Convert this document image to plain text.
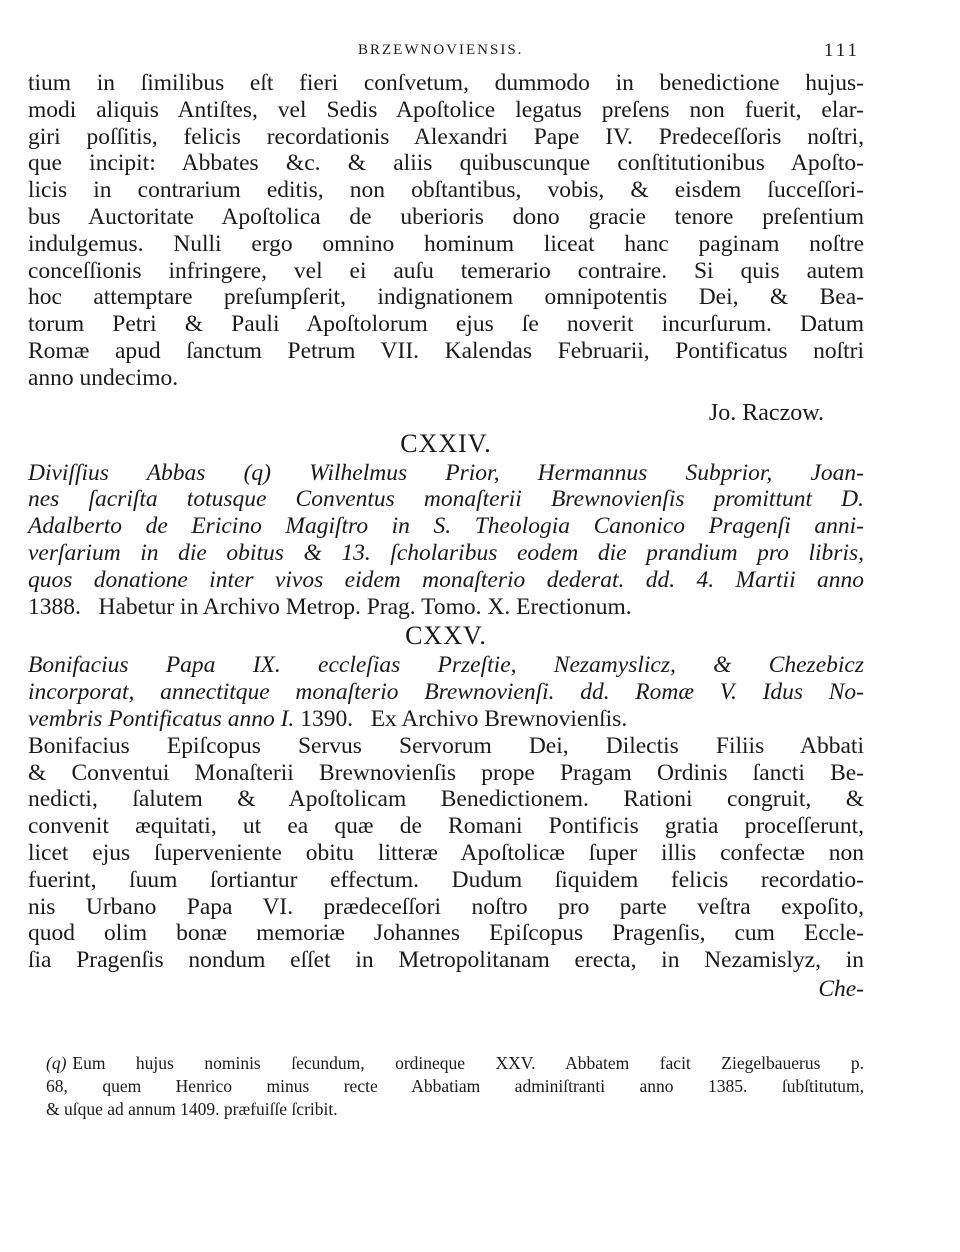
BRZEWNOVIENSIS.	111
tium in ſimilibus eſt fieri conſvetum, dummodo in benedictione hujus-
modi aliquis Antiſtes, vel Sedis Apoſtolice legatus preſens non fuerit, elar-
giri poſſitis, felicis recordationis Alexandri Pape IV. Predeceſſoris noſtri,
que incipit: Abbates &c. & aliis quibuscunque conſtitutionibus Apoſto-
licis in contrarium editis, non obſtantibus, vobis, & eisdem ſucceſſori-
bus Auctoritate Apoſtolica de uberioris dono gracie tenore preſentium
indulgemus. Nulli ergo omnino hominum liceat hanc paginam noſtre
conceſſionis infringere, vel ei auſu temerario contraire. Si quis autem
hoc attemptare preſumpſerit, indignationem omnipotentis Dei, & Bea-
torum Petri & Pauli Apoſtolorum ejus ſe noverit incurſurum. Datum
Romæ apud ſanctum Petrum VII. Kalendas Februarii, Pontificatus noſtri
anno undecimo.
Jo. Raczow.
CXXIV.
Diviſſius Abbas (q) Wilhelmus Prior, Hermannus Subprior, Joan-
nes ſacriſta totusque Conventus monaſterii Brewnovienſis promittunt D.
Adalberto de Ericino Magiſtro in S. Theologia Canonico Pragenſi anni-
verſarium in die obitus & 13. ſcholaribus eodem die prandium pro libris,
quos donatione inter vivos eidem monaſterio dederat. dd. 4. Martii anno
1388. Habetur in Archivo Metrop. Prag. Tomo. X. Erectionum.
CXXV.
Bonifacius Papa IX. eccleſias Przeſtie, Nezamyslicz, & Chezebicz
incorporat, annectitque monaſterio Brewnovienſi. dd. Romæ V. Idus No-
vembris Pontificatus anno I. 1390. Ex Archivo Brewnovienſis.
Bonifacius Epiſcopus Servus Servorum Dei, Dilectis Filiis Abbati
& Conventui Monaſterii Brewnovienſis prope Pragam Ordinis ſancti Be-
nedicti, ſalutem & Apoſtolicam Benedictionem. Rationi congruit, &
convenit æquitati, ut ea quæ de Romani Pontificis gratia proceſſerunt,
licet ejus ſuperveniente obitu litteræ Apoſtolicæ ſuper illis confectæ non
fuerint, ſuum ſortiantur effectum. Dudum ſiquidem felicis recordatio-
nis Urbano Papa VI. prædeceſſori noſtro pro parte veſtra expoſito,
quod olim bonæ memoriæ Johannes Epiſcopus Pragenſis, cum Eccle-
ſia Pragenſis nondum eſſet in Metropolitanam erecta, in Nezamislyz, in
Che-
(q) Eum hujus nominis ſecundum, ordineque XXV. Abbatem facit Ziegelbauerus p.
68, quem Henrico minus recte Abbatiam adminiſtranti anno 1385. ſubſtitutum,
& uſque ad annum 1409. præfuiſſe ſcribit.
